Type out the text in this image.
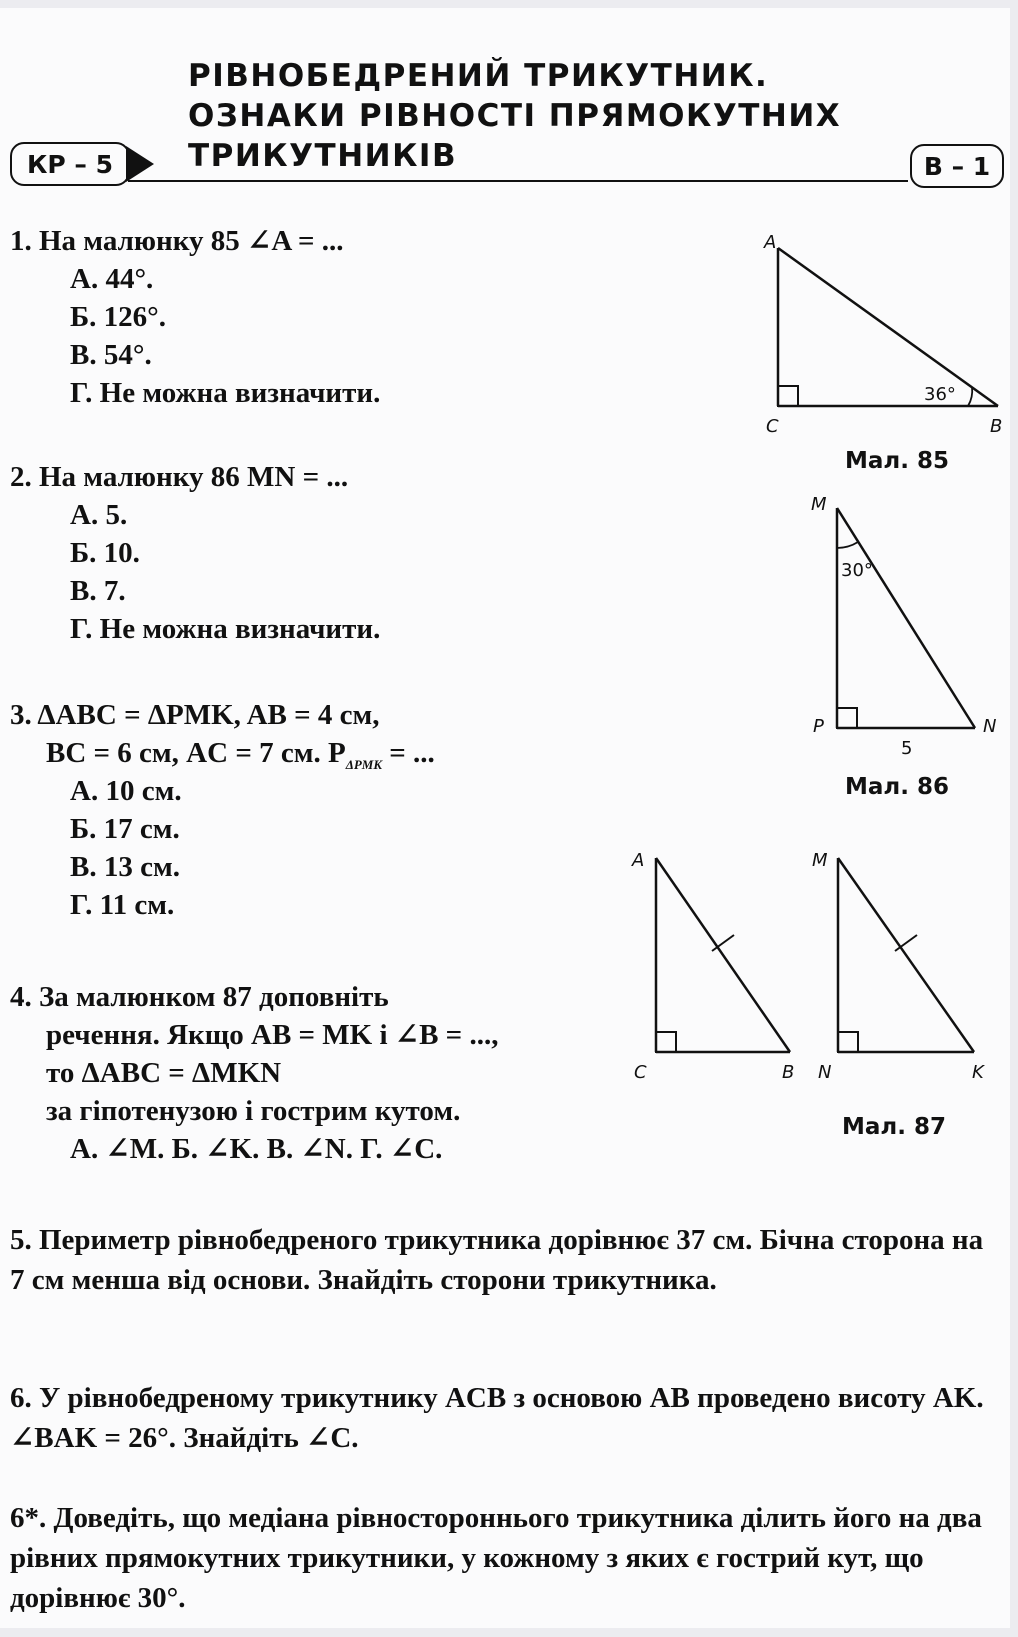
РІВНОБЕДРЕНИЙ ТРИКУТНИК.
ОЗНАКИ РІВНОСТІ ПРЯМОКУТНИХ
ТРИКУТНИКІВ
КР – 5	В – 1
1. На малюнку 85 ∠A = ...
А. 44°.
Б. 126°.
В. 54°.
Г. Не можна визначити.
2. На малюнку 86 MN = ...
А. 5.
Б. 10.
В. 7.
Г. Не можна визначити.
3. ΔABC = ΔPMK, AB = 4 см,
BC = 6 см, AC = 7 см. $P_{\Delta PMK}$ = ...
А. 10 см.
Б. 17 см.
В. 13 см.
Г. 11 см.
4. За малюнком 87 доповніть
речення. Якщо AB = MK і ∠B = ...,
то ΔABC = ΔMKN
за гіпотенузою і гострим кутом.
А. ∠M. Б. ∠K. В. ∠N. Г. ∠C.
5. Периметр рівнобедреного трикутника дорівнює 37 см. Бічна сторона на 7 см менша від основи. Знайдіть сторони трикутника.
6. У рівнобедреному трикутнику ACB з основою AB проведено висоту AK. ∠BAK = 26°. Знайдіть ∠C.
6*. Доведіть, що медіана рівностороннього трикутника ділить його на два рівних прямокутних трикутники, у кожному з яких є гострий кут, що дорівнює 30°.
A
C	B
36°
Мал. 85
M
P	N
30°
5
Мал. 86
A
C	B
M
N	K
Мал. 87
